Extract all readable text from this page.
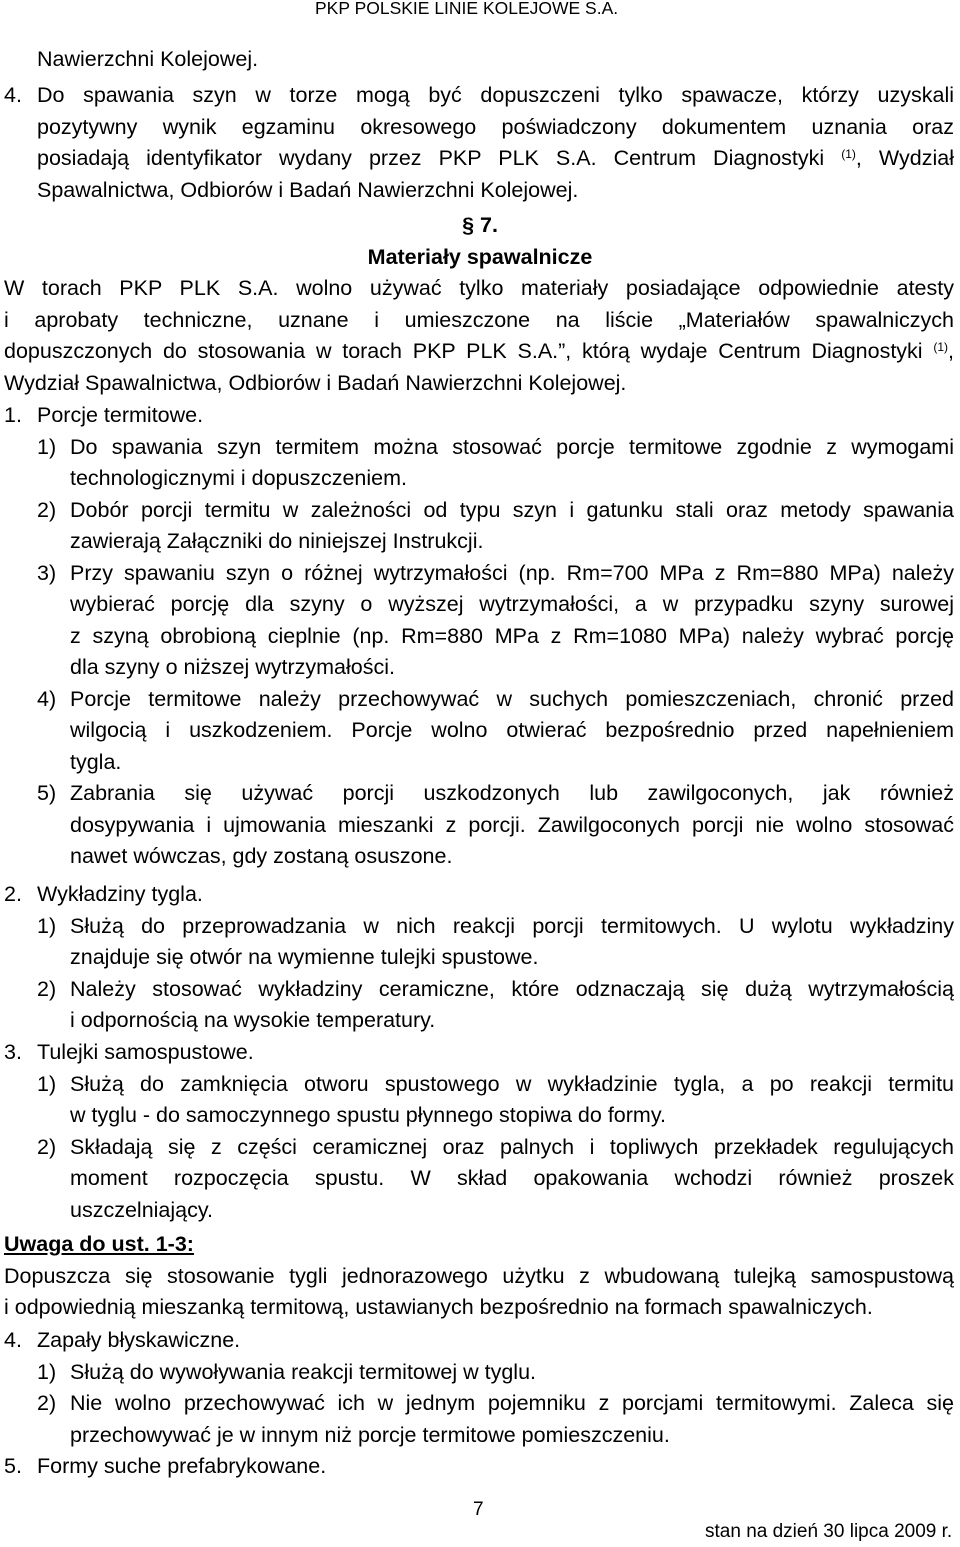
PKP POLSKIE LINIE KOLEJOWE S.A.
Nawierzchni Kolejowej.
4. Do spawania szyn w torze mogą być dopuszczeni tylko spawacze, którzy uzyskali
pozytywny wynik egzaminu okresowego poświadczony dokumentem uznania oraz
posiadają identyfikator wydany przez PKP PLK S.A. Centrum Diagnostyki $^{(1)}$, Wydział
Spawalnictwa, Odbiorów i Badań Nawierzchni Kolejowej.
§ 7.
Materiały spawalnicze
W torach PKP PLK S.A. wolno używać tylko materiały posiadające odpowiednie atesty
i aprobaty techniczne, uznane i umieszczone na liście „Materiałów spawalniczych
dopuszczonych do stosowania w torach PKP PLK S.A.”, którą wydaje Centrum Diagnostyki $^{(1)}$,
Wydział Spawalnictwa, Odbiorów i Badań Nawierzchni Kolejowej.
1. Porcje termitowe.
1) Do spawania szyn termitem można stosować porcje termitowe zgodnie z wymogami
technologicznymi i dopuszczeniem.
2) Dobór porcji termitu w zależności od typu szyn i gatunku stali oraz metody spawania
zawierają Załączniki do niniejszej Instrukcji.
3) Przy spawaniu szyn o różnej wytrzymałości (np. Rm=700 MPa z Rm=880 MPa) należy
wybierać porcję dla szyny o wyższej wytrzymałości, a w przypadku szyny surowej
z szyną obrobioną cieplnie (np. Rm=880 MPa z Rm=1080 MPa) należy wybrać porcję
dla szyny o niższej wytrzymałości.
4) Porcje termitowe należy przechowywać w suchych pomieszczeniach, chronić przed
wilgocią i uszkodzeniem. Porcje wolno otwierać bezpośrednio przed napełnieniem
tygla.
5) Zabrania się używać porcji uszkodzonych lub zawilgoconych, jak również
dosypywania i ujmowania mieszanki z porcji. Zawilgoconych porcji nie wolno stosować
nawet wówczas, gdy zostaną osuszone.
2. Wykładziny tygla.
1) Służą do przeprowadzania w nich reakcji porcji termitowych. U wylotu wykładziny
znajduje się otwór na wymienne tulejki spustowe.
2) Należy stosować wykładziny ceramiczne, które odznaczają się dużą wytrzymałością
i odpornością na wysokie temperatury.
3. Tulejki samospustowe.
1) Służą do zamknięcia otworu spustowego w wykładzinie tygla, a po reakcji termitu
w tyglu - do samoczynnego spustu płynnego stopiwa do formy.
2) Składają się z części ceramicznej oraz palnych i topliwych przekładek regulujących
moment rozpoczęcia spustu. W skład opakowania wchodzi również proszek
uszczelniający.
Uwaga do ust. 1-3:
Dopuszcza się stosowanie tygli jednorazowego użytku z wbudowaną tulejką samospustową
i odpowiednią mieszanką termitową, ustawianych bezpośrednio na formach spawalniczych.
4. Zapały błyskawiczne.
1) Służą do wywoływania reakcji termitowej w tyglu.
2) Nie wolno przechowywać ich w jednym pojemniku z porcjami termitowymi. Zaleca się
przechowywać je w innym niż porcje termitowe pomieszczeniu.
5. Formy suche prefabrykowane.
7
stan na dzień 30 lipca 2009 r.
